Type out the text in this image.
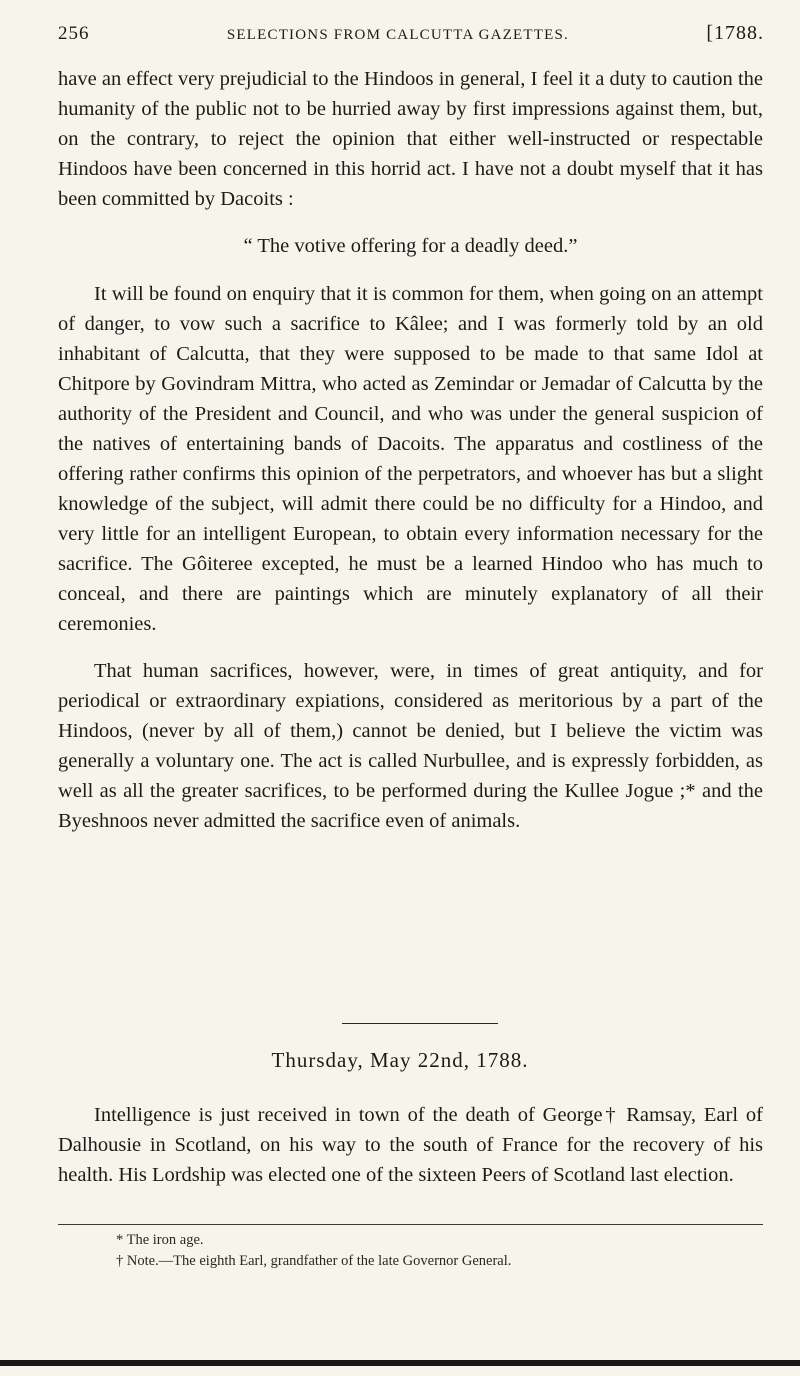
256	SELECTIONS FROM CALCUTTA GAZETTES.	[1788.

have an effect very prejudicial to the Hindoos in general, I feel it a duty to caution the humanity of the public not to be hurried away by first impressions against them, but, on the contrary, to reject the opinion that either well-instructed or respectable Hindoos have been concerned in this horrid act. I have not a doubt myself that it has been committed by Dacoits :

“ The votive offering for a deadly deed.”

It will be found on enquiry that it is common for them, when going on an attempt of danger, to vow such a sacrifice to Kâlee; and I was formerly told by an old inhabitant of Calcutta, that they were supposed to be made to that same Idol at Chitpore by Govindram Mittra, who acted as Zemindar or Jemadar of Calcutta by the authority of the President and Council, and who was under the general suspicion of the natives of entertaining bands of Dacoits. The apparatus and costliness of the offering rather confirms this opinion of the perpetrators, and whoever has but a slight knowledge of the subject, will admit there could be no difficulty for a Hindoo, and very little for an intelligent European, to obtain every information necessary for the sacrifice. The Gôiteree excepted, he must be a learned Hindoo who has much to conceal, and there are paintings which are minutely explanatory of all their ceremonies.

That human sacrifices, however, were, in times of great antiquity, and for periodical or extraordinary expiations, considered as meritorious by a part of the Hindoos, (never by all of them,) cannot be denied, but I believe the victim was generally a voluntary one. The act is called Nurbullee, and is expressly forbidden, as well as all the greater sacrifices, to be performed during the Kullee Jogue ;* and the Byeshnoos never admitted the sacrifice even of animals.

Thursday, May 22nd, 1788.

Intelligence is just received in town of the death of George† Ramsay, Earl of Dalhousie in Scotland, on his way to the south of France for the recovery of his health. His Lordship was elected one of the sixteen Peers of Scotland last election.

* The iron age.
† Note.—The eighth Earl, grandfather of the late Governor General.
